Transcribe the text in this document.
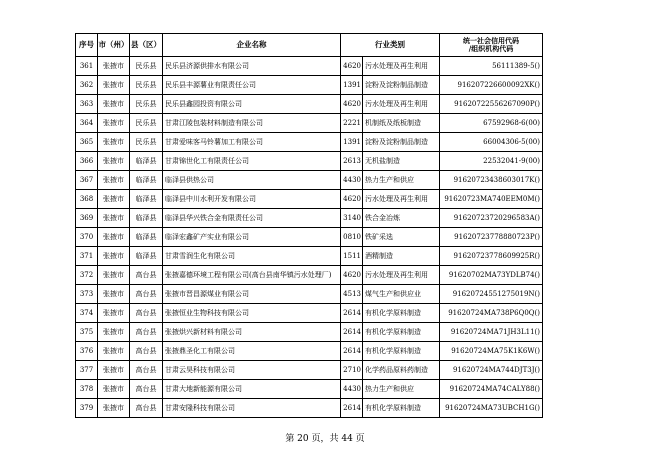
序号	市（州）	县（区）	企业名称	行业类别	统一社会信用代码
/组织机构代码
361	张掖市	民乐县	民乐县济源供排水有限公司	4620 污水处理及再生利用	56111389-5()
362	张掖市	民乐县	民乐县丰源薯业有限责任公司	1391 淀粉及淀粉制品制造	916207226600092XK()
363	张掖市	民乐县	民乐县鑫园投资有限公司	4620 污水处理及再生利用	91620722556267090P()
364	张掖市	民乐县	甘肃江陵包装材料制造有限公司	2221 机制纸及纸板制造	67592968-6(00)
365	张掖市	民乐县	甘肃爱味客马铃薯加工有限公司	1391 淀粉及淀粉制品制造	66004306-5(00)
366	张掖市	临泽县	甘肃锦世化工有限责任公司	2613 无机盐制造	22532041-9(00)
367	张掖市	临泽县	临泽县供热公司	4430 热力生产和供应	91620723438603017K()
368	张掖市	临泽县	临泽县中川水利开发有限公司	4620 污水处理及再生利用	91620723MA740EEM0M()
369	张掖市	临泽县	临泽县华兴铁合金有限责任公司	3140 铁合金冶炼	91620723720296583A()
370	张掖市	临泽县	临泽宏鑫矿产实业有限公司	0810 铁矿采选	91620723778880723P()
371	张掖市	临泽县	甘肃雪润生化有限公司	1511 酒精制造	91620723778609925R()
372	张掖市	高台县	张掖嘉德环境工程有限公司(高台县南华镇污水处理厂)	4620 污水处理及再生利用	91620702MA73YDLB74()
373	张掖市	高台县	张掖市晋昌源煤业有限公司	4513 煤气生产和供应业	91620724551275019N()
374	张掖市	高台县	张掖恒业生物科技有限公司	2614 有机化学原料制造	91620724MA738P6Q0Q()
375	张掖市	高台县	张掖烘兴新材料有限公司	2614 有机化学原料制造	91620724MA71JH3L11()
376	张掖市	高台县	张掖鼎圣化工有限公司	2614 有机化学原料制造	91620724MA75K1K6W()
377	张掖市	高台县	甘肃云昊科技有限公司	2710 化学药品原料药制造	91620724MA744DJT3J()
378	张掖市	高台县	甘肃大地新能源有限公司	4430 热力生产和供应	91620724MA74CALY88()
379	张掖市	高台县	甘肃安隆科技有限公司	2614 有机化学原料制造	91620724MA73UBCH1G()
第 20 页，共 44 页
